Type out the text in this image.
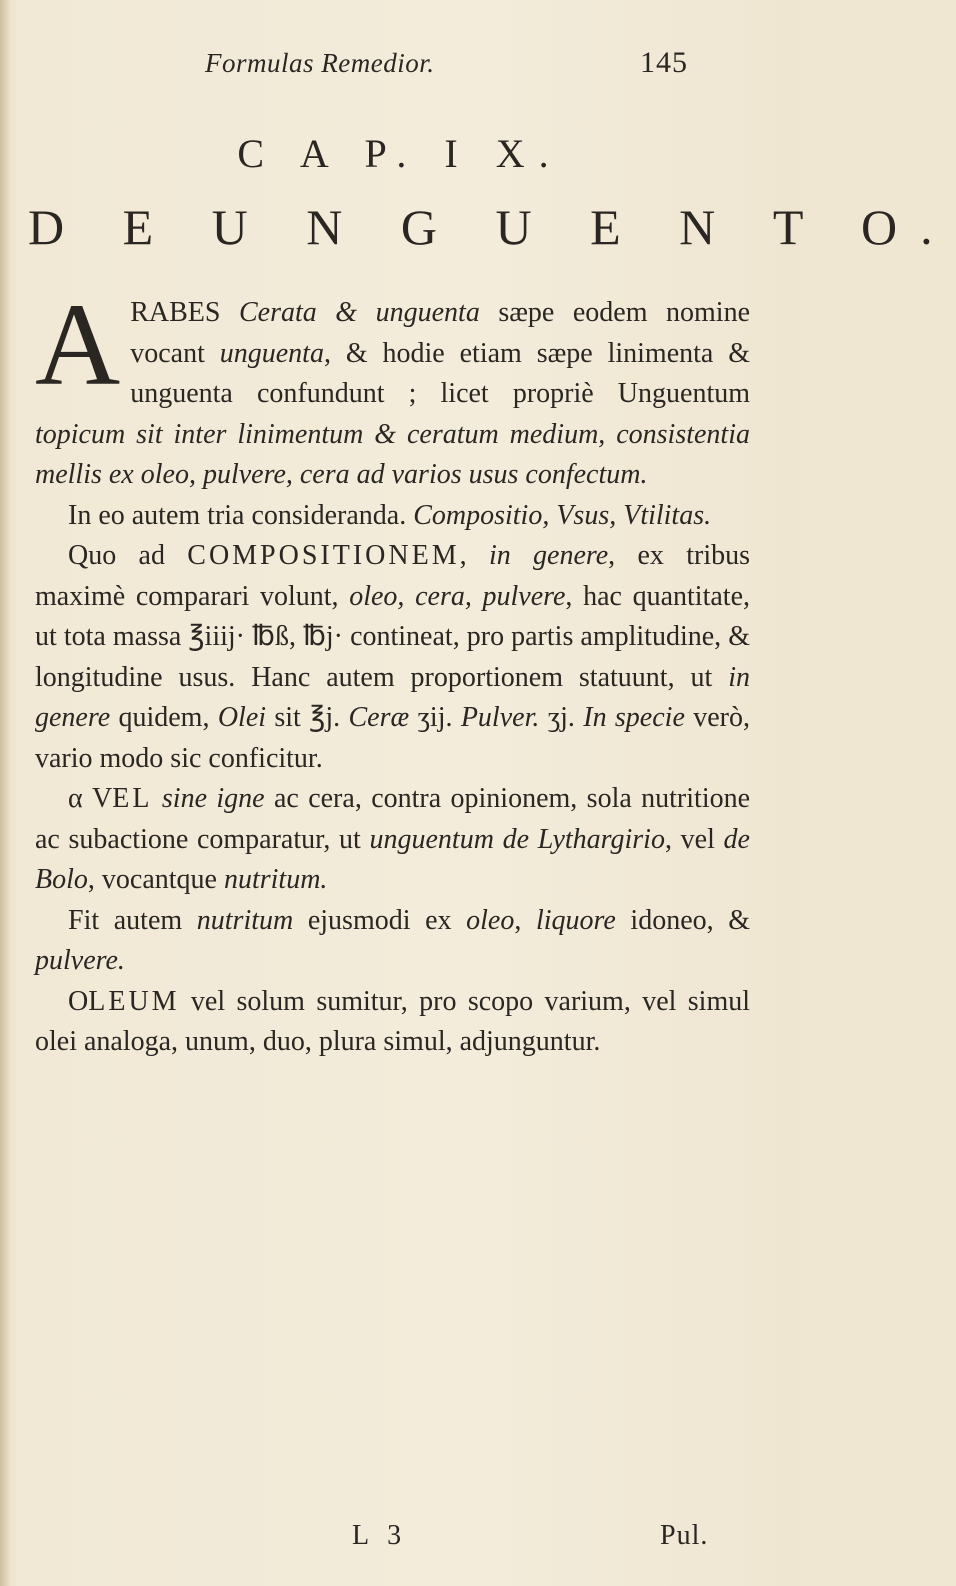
Formulas Remedior.	145
C A P. I X.
D E U N G U E N T O.

ARABES Cerata & unguenta sæpe eodem nomine vocant unguenta, & hodie etiam sæpe linimenta & unguenta confundunt ; licet propriè Unguentum topicum sit inter linimentum & ceratum medium, consistentia mellis ex oleo, pulvere, cera ad varios usus confectum.

In eo autem tria consideranda. Compositio, Vsus, Vtilitas.

Quo ad COMPOSITIONEM, in genere, ex tribus maximè comparari volunt, oleo, cera, pulvere, hac quantitate, ut tota massa ℥iiij· ℔ß, ℔j· contineat, pro partis amplitudine, & longitudine usus. Hanc autem proportionem statuunt, ut in genere quidem, Olei sit ℥j. Ceræ ʒij. Pulver. ʒj. In specie verò, vario modo sic conficitur.

α VEL sine igne ac cera, contra opinionem, sola nutritione ac subactione comparatur, ut unguentum de Lythargirio, vel de Bolo, vocantque nutritum.

Fit autem nutritum ejusmodi ex oleo, liquore idoneo, & pulvere.

OLEUM vel solum sumitur, pro scopo varium, vel simul olei analoga, unum, duo, plura simul, adjunguntur.

L 3	Pul.
